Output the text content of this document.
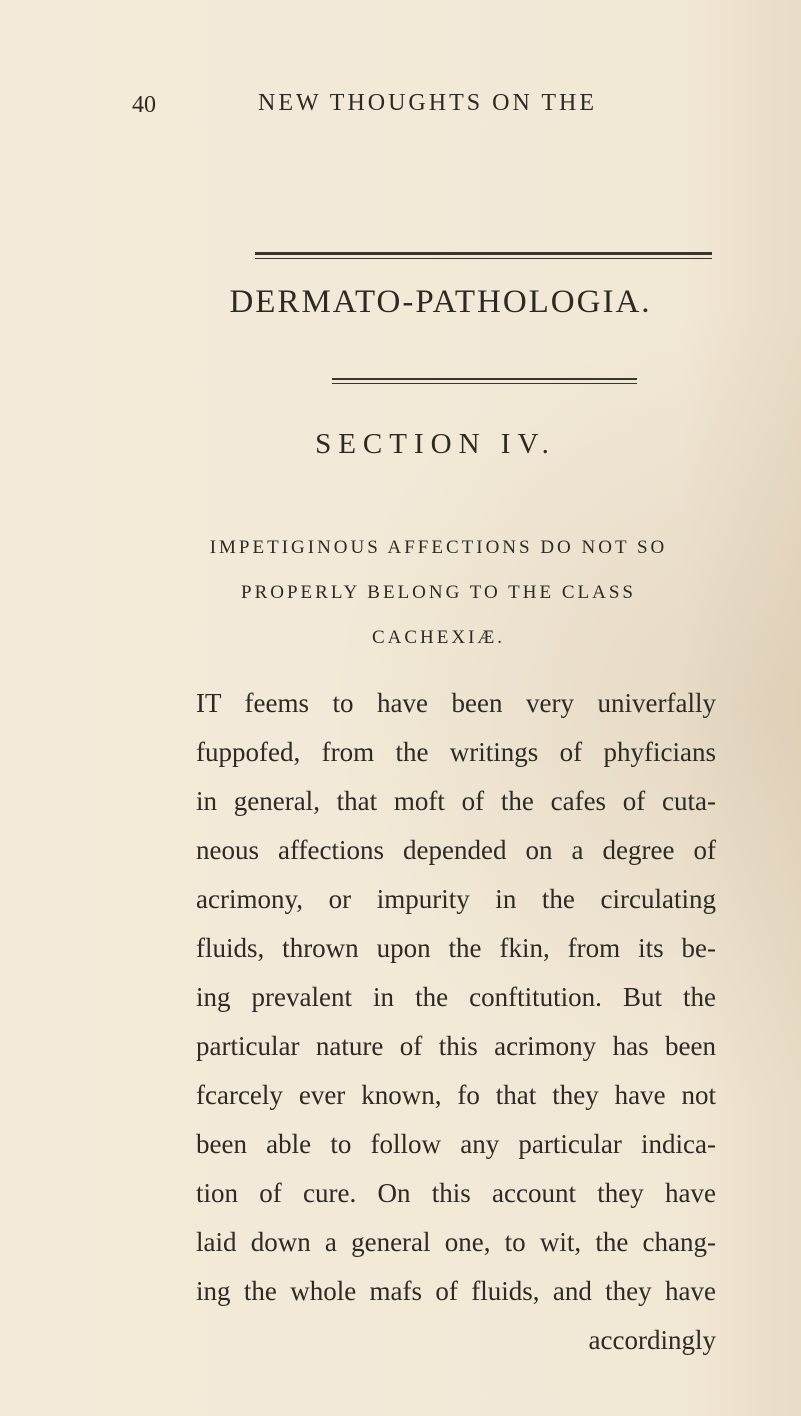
40	NEW THOUGHTS ON THE
DERMATO-PATHOLOGIA.
SECTION IV.
IMPETIGINOUS AFFECTIONS DO NOT SO
PROPERLY BELONG TO THE CLASS
CACHEXIÆ.
IT feems to have been very univerfally
fuppofed, from the writings of phyficians
in general, that moft of the cafes of cuta-
neous affections depended on a degree of
acrimony, or impurity in the circulating
fluids, thrown upon the fkin, from its be-
ing prevalent in the conftitution. But the
particular nature of this acrimony has been
fcarcely ever known, fo that they have not
been able to follow any particular indica-
tion of cure. On this account they have
laid down a general one, to wit, the chang-
ing the whole mafs of fluids, and they have
accordingly
